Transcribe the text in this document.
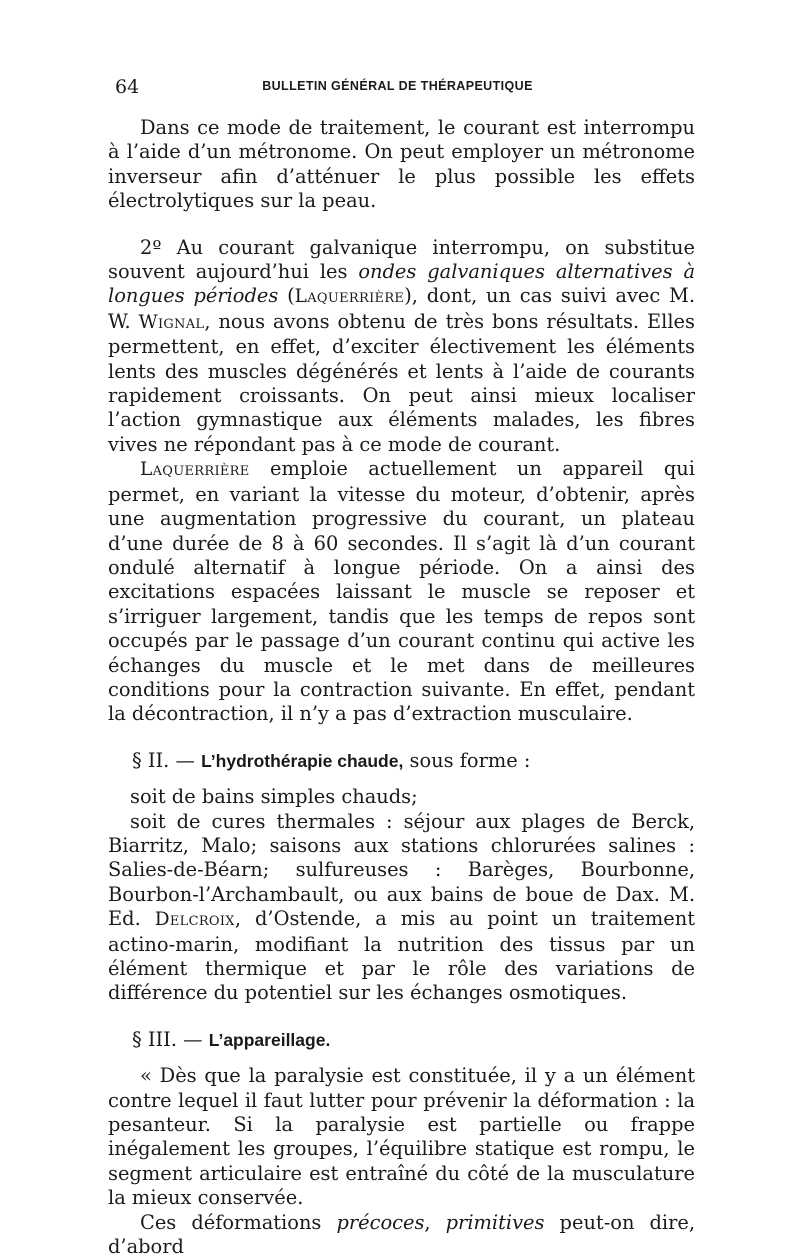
64	BULLETIN GÉNÉRAL DE THÉRAPEUTIQUE

Dans ce mode de traitement, le courant est interrompu à l’aide d’un métronome. On peut employer un métronome inverseur afin d’atténuer le plus possible les effets électrolytiques sur la peau.

2º Au courant galvanique interrompu, on substitue souvent aujourd’hui les ondes galvaniques alternatives à longues périodes (Laquerrière), dont, un cas suivi avec M. W. Wignal, nous avons obtenu de très bons résultats. Elles permettent, en effet, d’exciter électivement les éléments lents des muscles dégénérés et lents à l’aide de courants rapidement croissants. On peut ainsi mieux localiser l’action gymnastique aux éléments malades, les fibres vives ne répondant pas à ce mode de courant.

Laquerrière emploie actuellement un appareil qui permet, en variant la vitesse du moteur, d’obtenir, après une augmentation progressive du courant, un plateau d’une durée de 8 à 60 secondes. Il s’agit là d’un courant ondulé alternatif à longue période. On a ainsi des excitations espacées laissant le muscle se reposer et s’irriguer largement, tandis que les temps de repos sont occupés par le passage d’un courant continu qui active les échanges du muscle et le met dans de meilleures conditions pour la contraction suivante. En effet, pendant la décontraction, il n’y a pas d’extraction musculaire.

§ II. — L’hydrothérapie chaude, sous forme :

soit de bains simples chauds;

soit de cures thermales : séjour aux plages de Berck, Biarritz, Malo; saisons aux stations chlorurées salines : Salies-de-Béarn; sulfureuses : Barèges, Bourbonne, Bourbon-l’Archambault, ou aux bains de boue de Dax. M. Ed. Delcroix, d’Ostende, a mis au point un traitement actino-marin, modifiant la nutrition des tissus par un élément thermique et par le rôle des variations de différence du potentiel sur les échanges osmotiques.

§ III. — L’appareillage.

« Dès que la paralysie est constituée, il y a un élément contre lequel il faut lutter pour prévenir la déformation : la pesanteur. Si la paralysie est partielle ou frappe inégalement les groupes, l’équilibre statique est rompu, le segment articulaire est entraîné du côté de la musculature la mieux conservée.

Ces déformations précoces, primitives peut-on dire, d’abord
